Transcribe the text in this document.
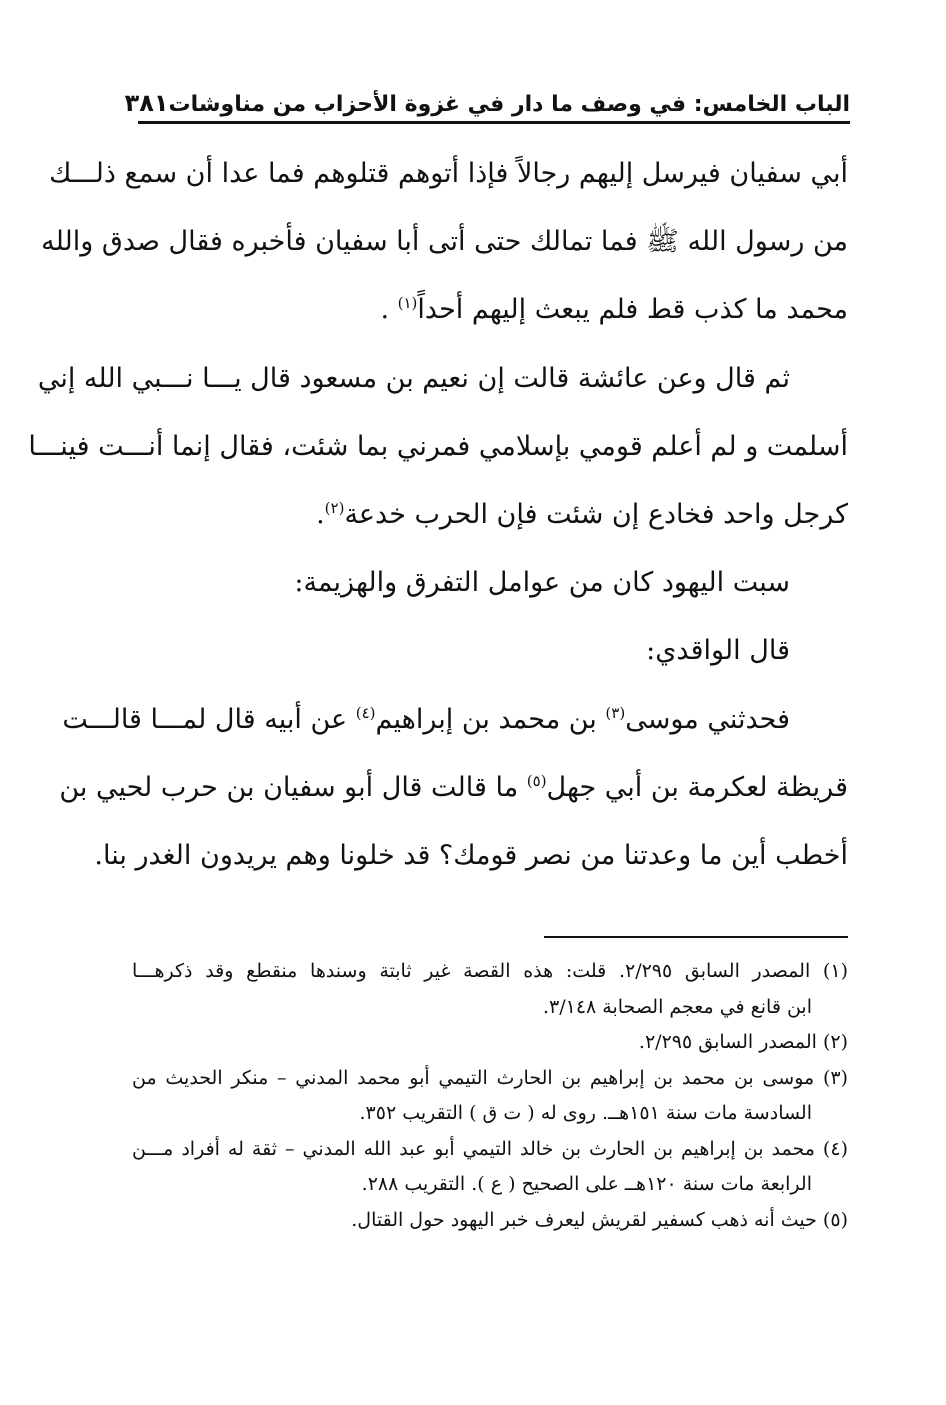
الباب الخامس: في وصف ما دار في غزوة الأحزاب من مناوشات
٣٨١
أبي سفيان فيرسل إليهم رجالاً فإذا أتوهم قتلوهم فما عدا أن سمع ذلـــك
من رسول الله ﷺ فما تمالك حتى أتى أبا سفيان فأخبره فقال صدق والله
محمد ما كذب قط فلم يبعث إليهم أحداً$^{(١)}$ .
ثم قال وعن عائشة قالت إن نعيم بن مسعود قال يـــا نـــبي الله إني
أسلمت و لم أعلم قومي بإسلامي فمرني بما شئت، فقال إنما أنـــت فينـــا
كرجل واحد فخادع إن شئت فإن الحرب خدعة$^{(٢)}$.
سبت اليهود كان من عوامل التفرق والهزيمة:
قال الواقدي:
فحدثني موسى$^{(٣)}$ بن محمد بن إبراهيم$^{(٤)}$ عن أبيه قال لمـــا قالـــت
قريظة لعكرمة بن أبي جهل$^{(٥)}$ ما قالت قال أبو سفيان بن حرب لحيي بن
أخطب أين ما وعدتنا من نصر قومك؟ قد خلونا وهم يريدون الغدر بنا.
(١) المصدر السابق ٢/٢٩٥. قلت: هذه القصة غير ثابتة وسندها منقطع وقد ذكرهـــا
ابن قانع في معجم الصحابة ٣/١٤٨.
(٢) المصدر السابق ٢/٢٩٥.
(٣) موسى بن محمد بن إبراهيم بن الحارث التيمي أبو محمد المدني – منكر الحديث من
السادسة مات سنة ١٥١هــ. روى له ( ت ق ) التقريب ٣٥٢.
(٤) محمد بن إبراهيم بن الحارث بن خالد التيمي أبو عبد الله المدني – ثقة له أفراد مـــن
الرابعة مات سنة ١٢٠هــ على الصحيح ( ع ). التقريب ٢٨٨.
(٥) حيث أنه ذهب كسفير لقريش ليعرف خبر اليهود حول القتال.
